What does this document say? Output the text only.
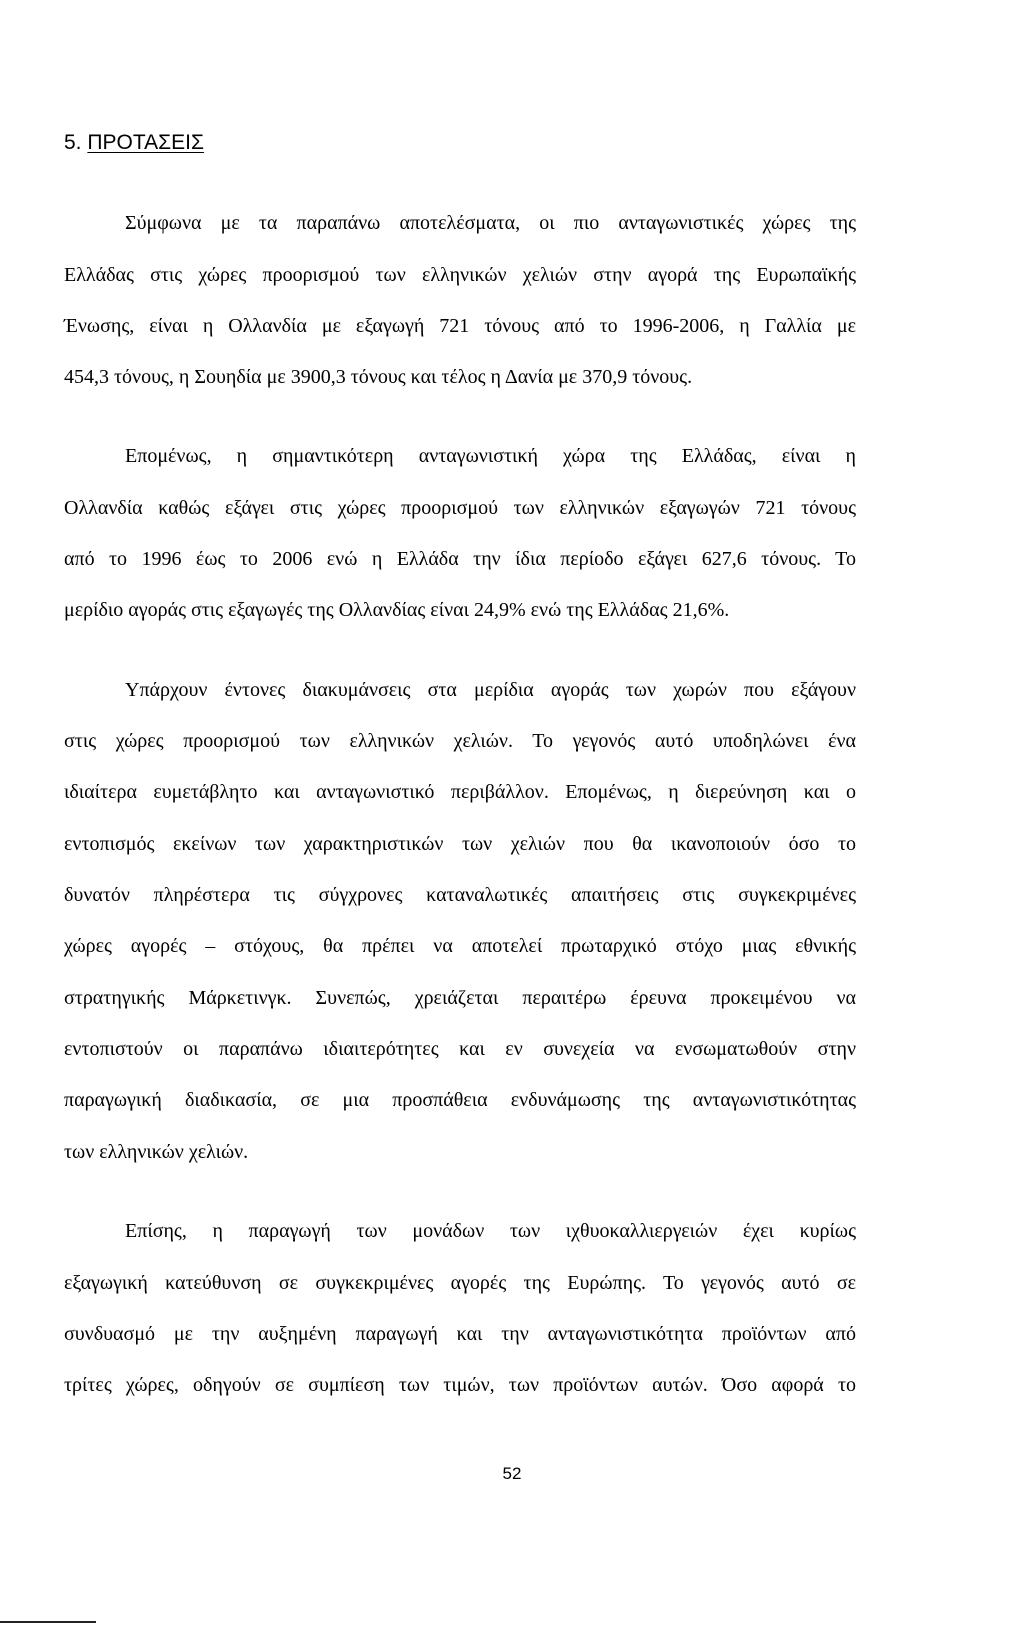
5. ΠΡΟΤΑΣΕΙΣ

Σύμφωνα με τα παραπάνω αποτελέσματα, οι πιο ανταγωνιστικές χώρες της

Ελλάδας στις χώρες προορισμού των ελληνικών χελιών στην αγορά της Ευρωπαϊκής

Ένωσης, είναι η Ολλανδία με εξαγωγή 721 τόνους από το 1996-2006, η Γαλλία με

454,3 τόνους, η Σουηδία με 3900,3 τόνους και τέλος η Δανία με 370,9 τόνους.

Επομένως, η σημαντικότερη ανταγωνιστική χώρα της Ελλάδας, είναι η

Ολλανδία καθώς εξάγει στις χώρες προορισμού των ελληνικών εξαγωγών 721 τόνους

από το 1996 έως το 2006 ενώ η Ελλάδα την ίδια περίοδο εξάγει 627,6 τόνους. Το

μερίδιο αγοράς στις εξαγωγές της Ολλανδίας είναι 24,9% ενώ της Ελλάδας 21,6%.

Υπάρχουν έντονες διακυμάνσεις στα μερίδια αγοράς των χωρών που εξάγουν

στις χώρες προορισμού των ελληνικών χελιών. Το γεγονός αυτό υποδηλώνει ένα

ιδιαίτερα ευμετάβλητο και ανταγωνιστικό περιβάλλον. Επομένως, η διερεύνηση και ο

εντοπισμός εκείνων των χαρακτηριστικών των χελιών που θα ικανοποιούν όσο το

δυνατόν πληρέστερα τις σύγχρονες καταναλωτικές απαιτήσεις στις συγκεκριμένες

χώρες αγορές – στόχους, θα πρέπει να αποτελεί πρωταρχικό στόχο μιας εθνικής

στρατηγικής Μάρκετινγκ. Συνεπώς, χρειάζεται περαιτέρω έρευνα προκειμένου να

εντοπιστούν οι παραπάνω ιδιαιτερότητες και εν συνεχεία να ενσωματωθούν στην

παραγωγική διαδικασία, σε μια προσπάθεια ενδυνάμωσης της ανταγωνιστικότητας

των ελληνικών χελιών.

Επίσης, η παραγωγή των μονάδων των ιχθυοκαλλιεργειών έχει κυρίως

εξαγωγική κατεύθυνση σε συγκεκριμένες αγορές της Ευρώπης. Το γεγονός αυτό σε

συνδυασμό με την αυξημένη παραγωγή και την ανταγωνιστικότητα προϊόντων από

τρίτες χώρες, οδηγούν σε συμπίεση των τιμών, των προϊόντων αυτών. Όσο αφορά το

52
